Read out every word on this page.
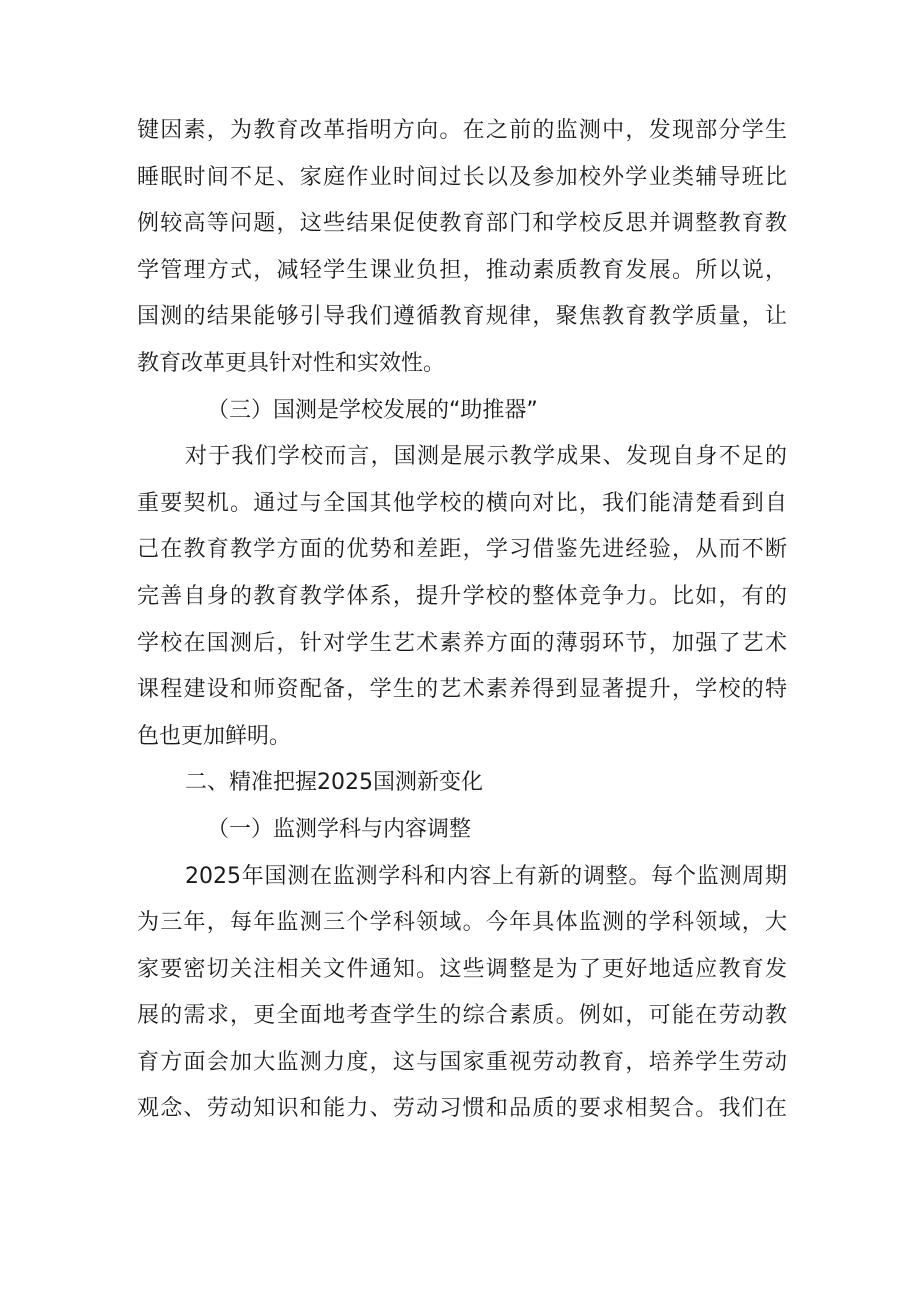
键因素，为教育改革指明方向。在之前的监测中，发现部分学生
睡眠时间不足、家庭作业时间过长以及参加校外学业类辅导班比
例较高等问题，这些结果促使教育部门和学校反思并调整教育教
学管理方式，减轻学生课业负担，推动素质教育发展。所以说，
国测的结果能够引导我们遵循教育规律，聚焦教育教学质量，让
教育改革更具针对性和实效性。
（三）国测是学校发展的“助推器”
对于我们学校而言，国测是展示教学成果、发现自身不足的
重要契机。通过与全国其他学校的横向对比，我们能清楚看到自
己在教育教学方面的优势和差距，学习借鉴先进经验，从而不断
完善自身的教育教学体系，提升学校的整体竞争力。比如，有的
学校在国测后，针对学生艺术素养方面的薄弱环节，加强了艺术
课程建设和师资配备，学生的艺术素养得到显著提升，学校的特
色也更加鲜明。
二、精准把握2025国测新变化
（一）监测学科与内容调整
2025年国测在监测学科和内容上有新的调整。每个监测周期
为三年，每年监测三个学科领域。今年具体监测的学科领域，大
家要密切关注相关文件通知。这些调整是为了更好地适应教育发
展的需求，更全面地考查学生的综合素质。例如，可能在劳动教
育方面会加大监测力度，这与国家重视劳动教育，培养学生劳动
观念、劳动知识和能力、劳动习惯和品质的要求相契合。我们在
